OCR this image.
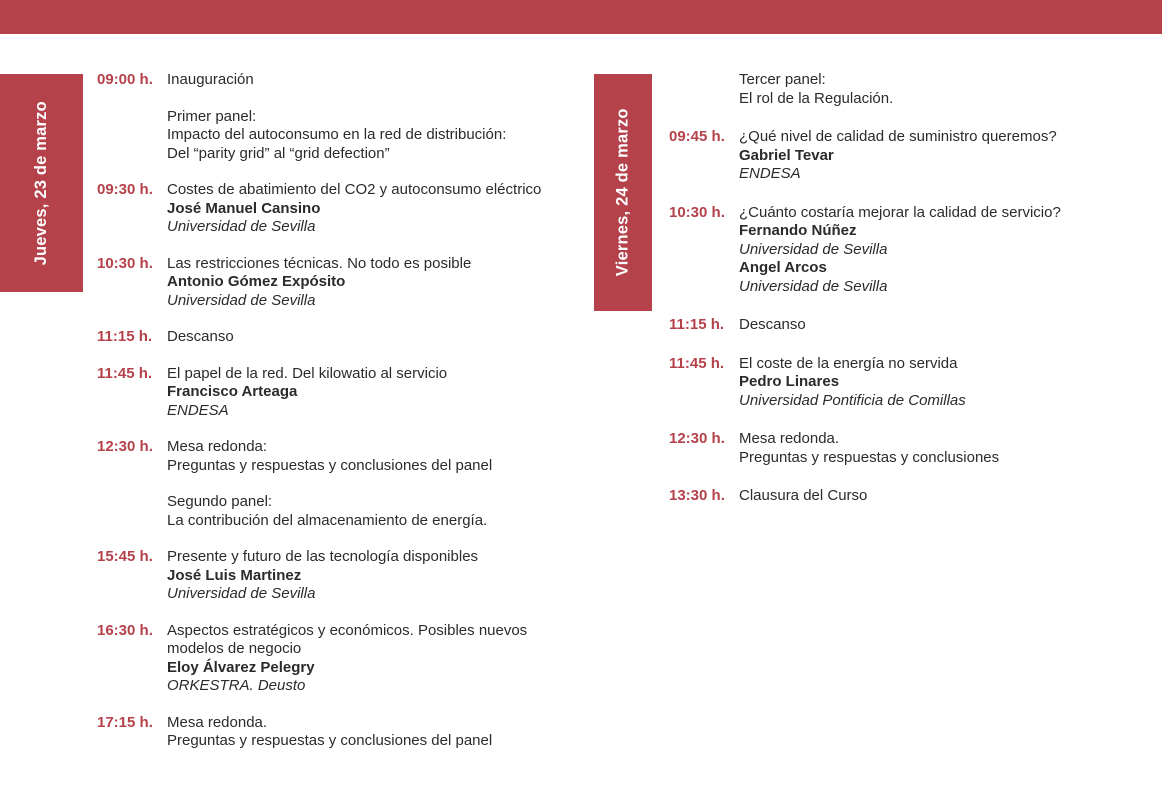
Jueves, 23 de marzo	Viernes, 24 de marzo
09:00 h. Inauguración
Primer panel:
Impacto del autoconsumo en la red de distribución:
Del “parity grid” al “grid defection”
09:30 h. Costes de abatimiento del CO2 y autoconsumo eléctrico
José Manuel Cansino
Universidad de Sevilla
10:30 h. Las restricciones técnicas. No todo es posible
Antonio Gómez Expósito
Universidad de Sevilla
11:15 h. Descanso
11:45 h. El papel de la red. Del kilowatio al servicio
Francisco Arteaga
ENDESA
12:30 h. Mesa redonda:
Preguntas y respuestas y conclusiones del panel
Segundo panel:
La contribución del almacenamiento de energía.
15:45 h. Presente y futuro de las tecnología disponibles
José Luis Martinez
Universidad de Sevilla
16:30 h. Aspectos estratégicos y económicos. Posibles nuevos
modelos de negocio
Eloy Álvarez Pelegry
ORKESTRA. Deusto
17:15 h. Mesa redonda.
Preguntas y respuestas y conclusiones del panel
Tercer panel:
El rol de la Regulación.
09:45 h. ¿Qué nivel de calidad de suministro queremos?
Gabriel Tevar
ENDESA
10:30 h. ¿Cuánto costaría mejorar la calidad de servicio?
Fernando Núñez
Universidad de Sevilla
Angel Arcos
Universidad de Sevilla
11:15 h. Descanso
11:45 h. El coste de la energía no servida
Pedro Linares
Universidad Pontificia de Comillas
12:30 h. Mesa redonda.
Preguntas y respuestas y conclusiones
13:30 h. Clausura del Curso
